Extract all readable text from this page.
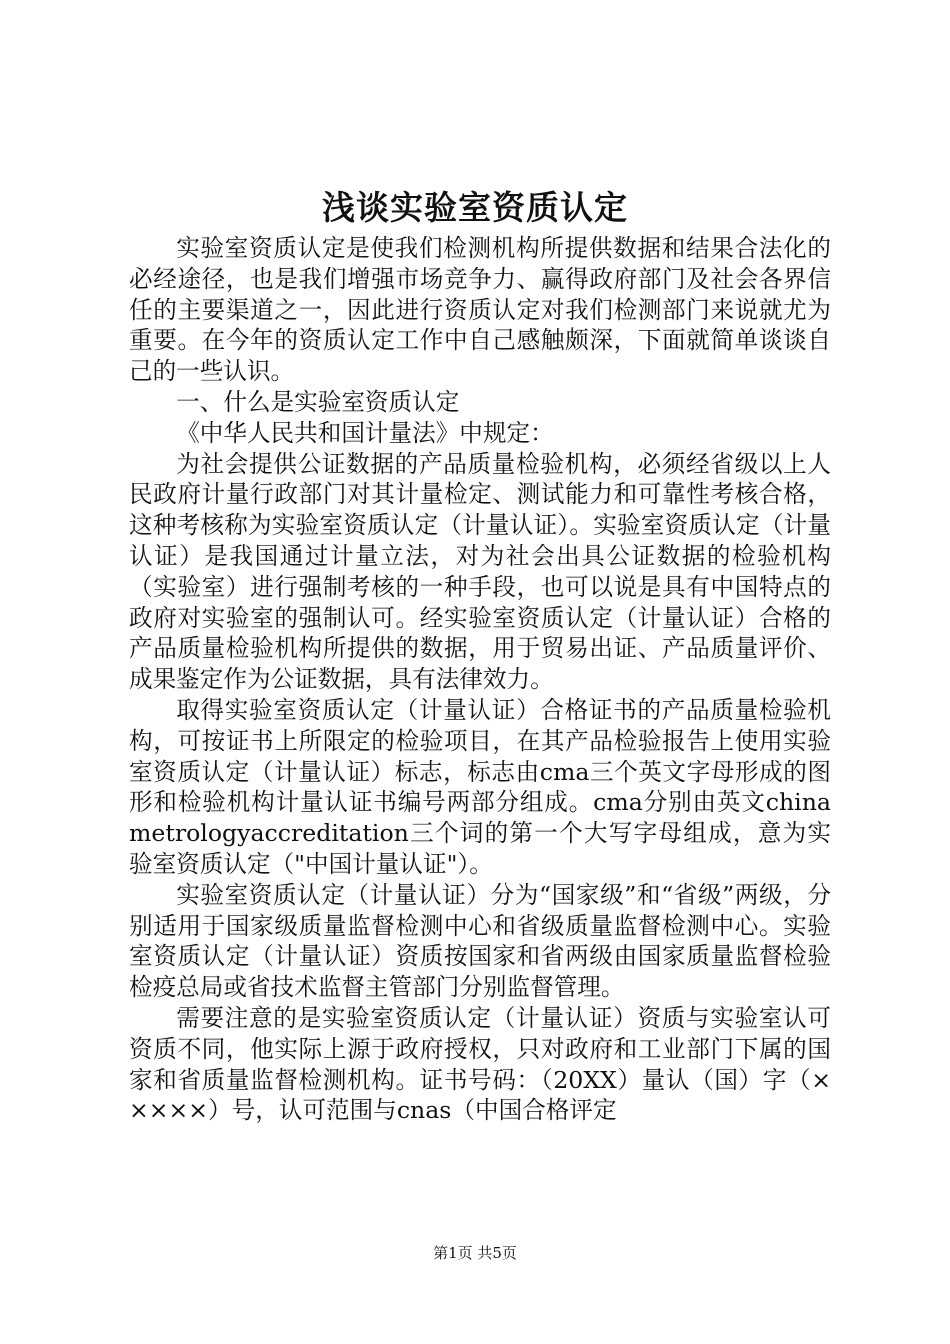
浅谈实验室资质认定

实验室资质认定是使我们检测机构所提供数据和结果合法化的必经途径，也是我们增强市场竞争力、赢得政府部门及社会各界信任的主要渠道之一，因此进行资质认定对我们检测部门来说就尤为重要。在今年的资质认定工作中自己感触颇深，下面就简单谈谈自己的一些认识。

一、什么是实验室资质认定

《中华人民共和国计量法》中规定：

为社会提供公证数据的产品质量检验机构，必须经省级以上人民政府计量行政部门对其计量检定、测试能力和可靠性考核合格，这种考核称为实验室资质认定（计量认证）。实验室资质认定（计量认证）是我国通过计量立法，对为社会出具公证数据的检验机构（实验室）进行强制考核的一种手段，也可以说是具有中国特点的政府对实验室的强制认可。经实验室资质认定（计量认证）合格的产品质量检验机构所提供的数据，用于贸易出证、产品质量评价、成果鉴定作为公证数据，具有法律效力。

取得实验室资质认定（计量认证）合格证书的产品质量检验机构，可按证书上所限定的检验项目，在其产品检验报告上使用实验室资质认定（计量认证）标志，标志由cma三个英文字母形成的图形和检验机构计量认证书编号两部分组成。cma分别由英文chinametrologyaccreditation三个词的第一个大写字母组成，意为实验室资质认定（"中国计量认证"）。

实验室资质认定（计量认证）分为“国家级”和“省级”两级，分别适用于国家级质量监督检测中心和省级质量监督检测中心。实验室资质认定（计量认证）资质按国家和省两级由国家质量监督检验检疫总局或省技术监督主管部门分别监督管理。

需要注意的是实验室资质认定（计量认证）资质与实验室认可资质不同，他实际上源于政府授权，只对政府和工业部门下属的国家和省质量监督检测机构。证书号码：（20XX）量认（国）字（×××××）号，认可范围与cnas（中国合格评定

第1页 共5页
